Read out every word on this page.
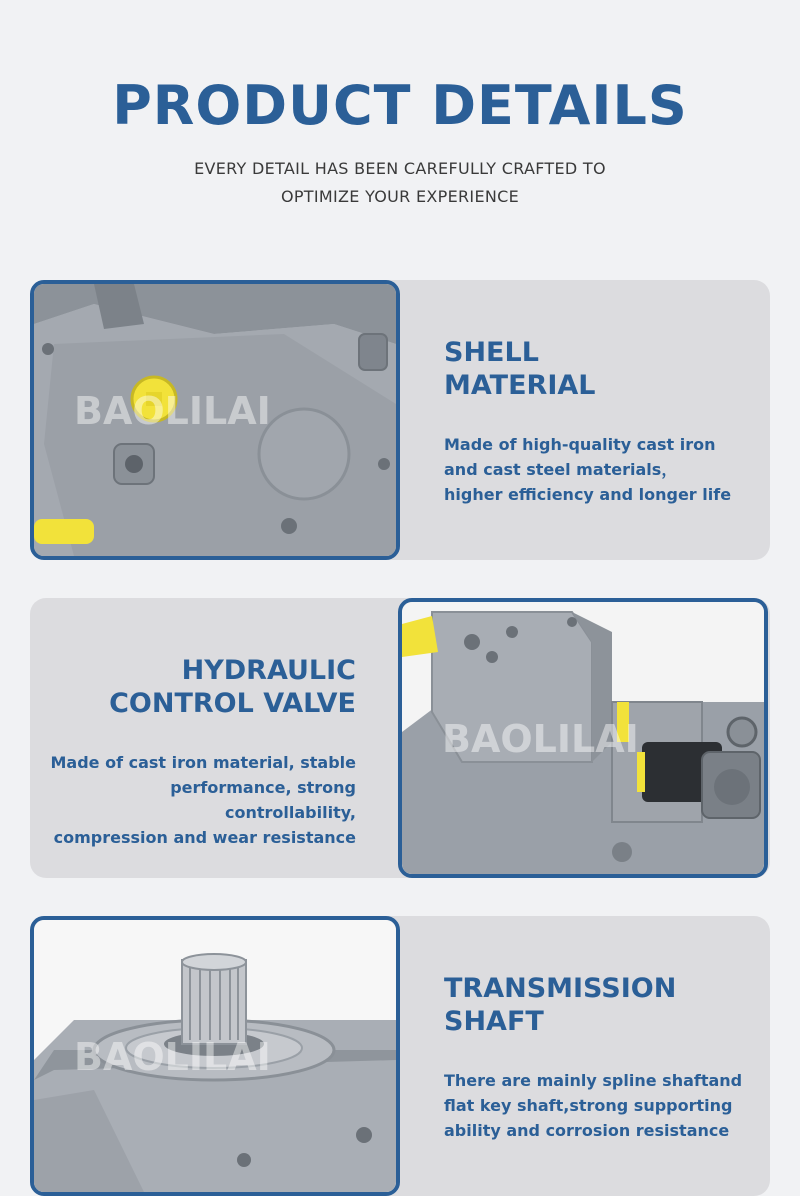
PRODUCT DETAILS
EVERY DETAIL HAS BEEN CAREFULLY CRAFTED TO
OPTIMIZE YOUR EXPERIENCE
BAOLILAI
SHELL
MATERIAL
Made of high-quality cast iron
and cast steel materials，
higher efficiency and longer life
HYDRAULIC
CONTROL VALVE
Made of cast iron material, stable
performance, strong controllability,
compression and wear resistance
BAOLILAI
BAOLILAI
TRANSMISSION
SHAFT
There are mainly spline shaftand
flat key shaft,strong supporting
ability and corrosion resistance
